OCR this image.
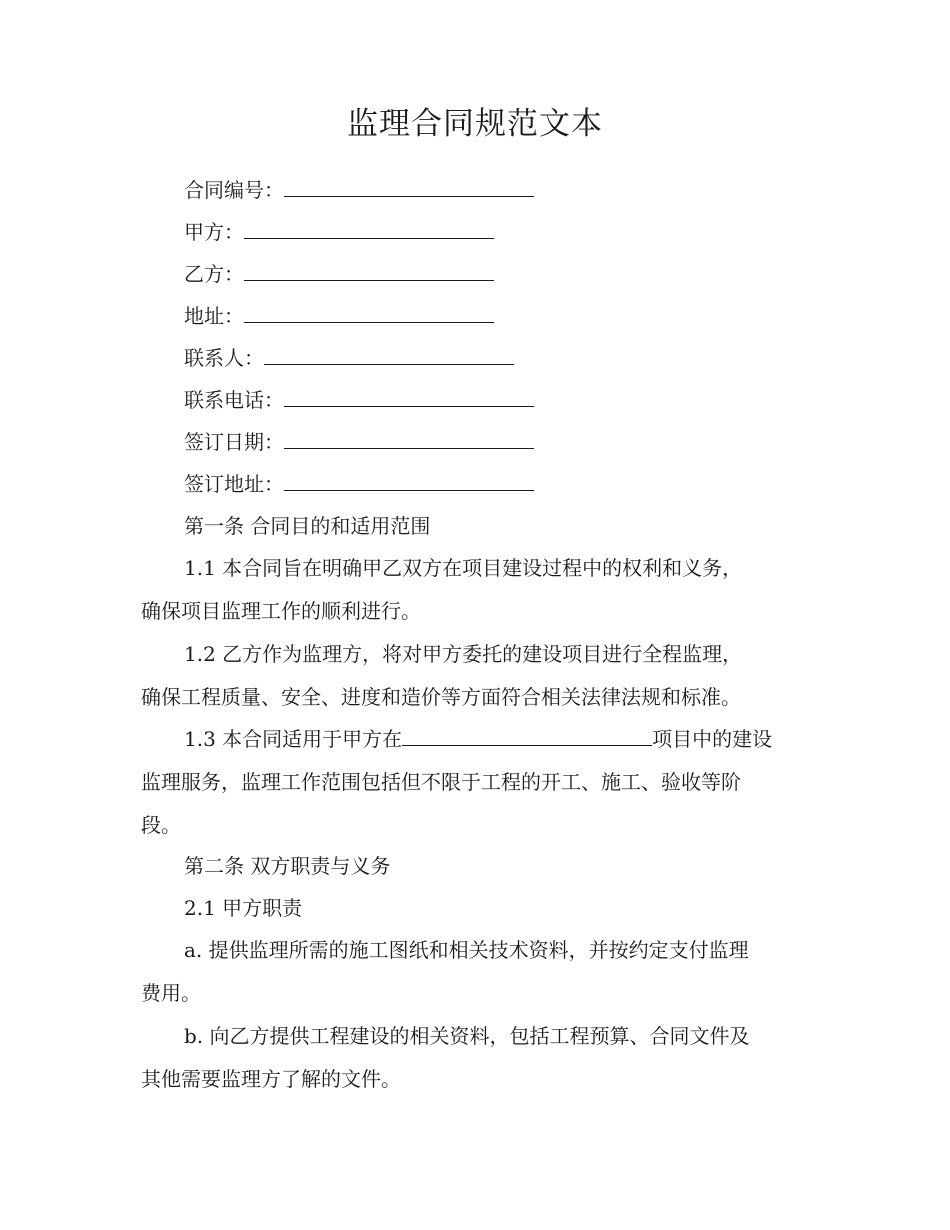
监理合同规范文本
合同编号：
甲方：
乙方：
地址：
联系人：
联系电话：
签订日期：
签订地址：
第一条 合同目的和适用范围
1.1 本合同旨在明确甲乙双方在项目建设过程中的权利和义务，
确保项目监理工作的顺利进行。
1.2 乙方作为监理方，将对甲方委托的建设项目进行全程监理，
确保工程质量、安全、进度和造价等方面符合相关法律法规和标准。
1.3 本合同适用于甲方在	项目中的建设
监理服务，监理工作范围包括但不限于工程的开工、施工、验收等阶
段。
第二条 双方职责与义务
2.1 甲方职责
a. 提供监理所需的施工图纸和相关技术资料，并按约定支付监理
费用。
b. 向乙方提供工程建设的相关资料，包括工程预算、合同文件及
其他需要监理方了解的文件。
